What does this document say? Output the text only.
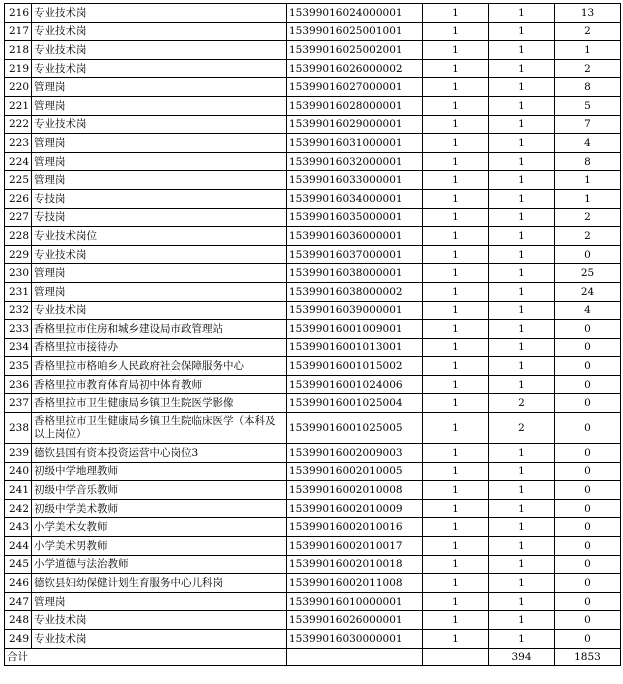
216	专业技术岗	15399016024000001	1	1	13
217	专业技术岗	15399016025001001	1	1	2
218	专业技术岗	15399016025002001	1	1	1
219	专业技术岗	15399016026000002	1	1	2
220	管理岗	15399016027000001	1	1	8
221	管理岗	15399016028000001	1	1	5
222	专业技术岗	15399016029000001	1	1	7
223	管理岗	15399016031000001	1	1	4
224	管理岗	15399016032000001	1	1	8
225	管理岗	15399016033000001	1	1	1
226	专技岗	15399016034000001	1	1	1
227	专技岗	15399016035000001	1	1	2
228	专业技术岗位	15399016036000001	1	1	2
229	专业技术岗	15399016037000001	1	1	0
230	管理岗	15399016038000001	1	1	25
231	管理岗	15399016038000002	1	1	24
232	专业技术岗	15399016039000001	1	1	4
233	香格里拉市住房和城乡建设局市政管理站	15399016001009001	1	1	0
234	香格里拉市接待办	15399016001013001	1	1	0
235	香格里拉市格咱乡人民政府社会保障服务中心	15399016001015002	1	1	0
236	香格里拉市教育体育局初中体育教师	15399016001024006	1	1	0
237	香格里拉市卫生健康局乡镇卫生院医学影像	15399016001025004	1	2	0
238	香格里拉市卫生健康局乡镇卫生院临床医学（本科及以上岗位）	15399016001025005	1	2	0
239	德钦县国有资本投资运营中心岗位3	15399016002009003	1	1	0
240	初级中学地理教师	15399016002010005	1	1	0
241	初级中学音乐教师	15399016002010008	1	1	0
242	初级中学美术教师	15399016002010009	1	1	0
243	小学美术女教师	15399016002010016	1	1	0
244	小学美术男教师	15399016002010017	1	1	0
245	小学道德与法治教师	15399016002010018	1	1	0
246	德钦县妇幼保健计划生育服务中心儿科岗	15399016002011008	1	1	0
247	管理岗	15399016010000001	1	1	0
248	专业技术岗	15399016026000001	1	1	0
249	专业技术岗	15399016030000001	1	1	0
合计				394	1853
